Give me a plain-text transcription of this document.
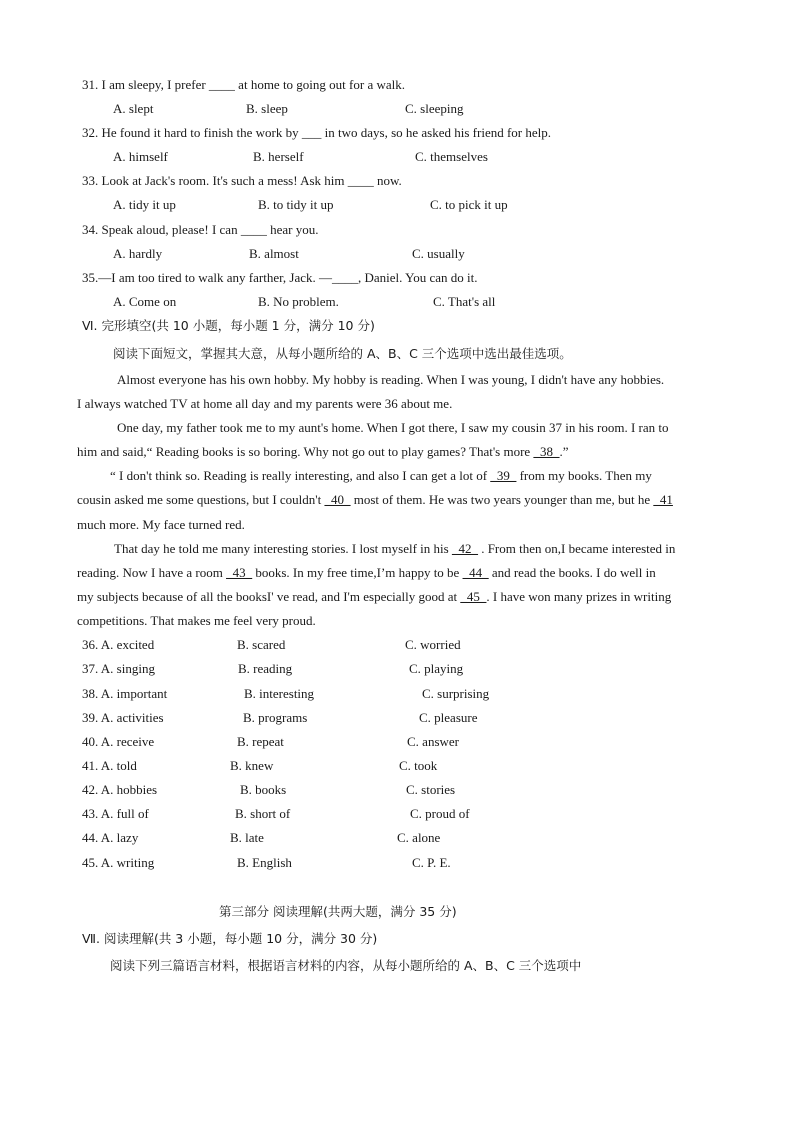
31. I am sleepy, I prefer ____ at home to going out for a walk.
A. slept	B. sleep	C. sleeping
32. He found it hard to finish the work by ___ in two days, so he asked his friend for help.
A. himself	B. herself	C. themselves
33. Look at Jack's room. It's such a mess! Ask him ____ now.
A. tidy it up	B. to tidy it up	C. to pick it up
34. Speak aloud, please! I can ____ hear you.
A. hardly	B. almost	C. usually
35.—I am too tired to walk any farther, Jack. —____, Daniel. You can do it.
A. Come on	B. No problem.	C. That's all
Ⅵ. 完形填空(共 10 小题，每小题 1 分，满分 10 分)
阅读下面短文，掌握其大意，从每小题所给的 A、B、C 三个选项中选出最佳选项。
Almost everyone has his own hobby. My hobby is reading. When I was young, I didn't have any hobbies.
I always watched TV at home all day and my parents were 36 about me.
One day, my father took me to my aunt's home. When I got there, I saw my cousin 37 in his room. I ran to
him and said,“ Reading books is so boring. Why not go out to play games? That's more _38_.”
“ I don't think so. Reading is really interesting, and also I can get a lot of _39_ from my books. Then my
cousin asked me some questions, but I couldn't _40_ most of them. He was two years younger than me, but he _41
much more. My face turned red.
That day he told me many interesting stories. I lost myself in his _42_ . From then on,I became interested in
reading. Now I have a room _43_ books. In my free time,I’m happy to be _44_ and read the books. I do well in
my subjects because of all the booksI' ve read, and I'm especially good at _45_. I have won many prizes in writing
competitions. That makes me feel very proud.
36. A. excited	B. scared	C. worried
37. A. singing	B. reading	C. playing
38. A. important	B. interesting	C. surprising
39. A. activities	B. programs	C. pleasure
40. A. receive	B. repeat	C. answer
41. A. told	B. knew	C. took
42. A. hobbies	B. books	C. stories
43. A. full of	B. short of	C. proud of
44. A. lazy	B. late	C. alone
45. A. writing	B. English	C. P. E.
第三部分 阅读理解(共两大题，满分 35 分)
Ⅶ. 阅读理解(共 3 小题，每小题 10 分，满分 30 分)
阅读下列三篇语言材料，根据语言材料的内容，从每小题所给的 A、B、C 三个选项中
